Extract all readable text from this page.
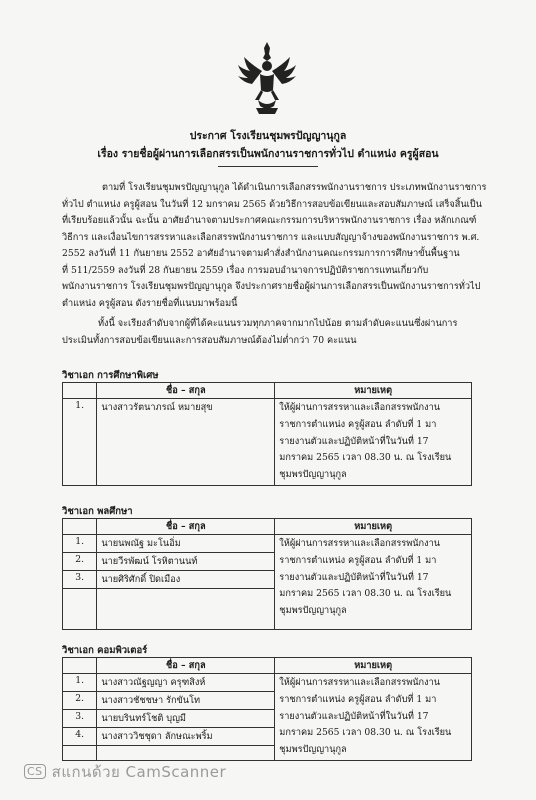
ประกาศ โรงเรียนชุมพรปัญญานุกูล
เรื่อง รายชื่อผู้ผ่านการเลือกสรรเป็นพนักงานราชการทั่วไป ตำแหน่ง ครูผู้สอน
ตามที่ โรงเรียนชุมพรปัญญานุกูล ได้ดำเนินการเลือกสรรพนักงานราชการ ประเภทพนักงานราชการ
ทั่วไป ตำแหน่ง ครูผู้สอน ในวันที่ 12 มกราคม 2565 ด้วยวิธีการสอบข้อเขียนและสอบสัมภาษณ์ เสร็จสิ้นเป็น
ที่เรียบร้อยแล้วนั้น ฉะนั้น อาศัยอำนาจตามประกาศคณะกรรมการบริหารพนักงานราชการ เรื่อง หลักเกณฑ์
วิธีการ และเงื่อนไขการสรรหาและเลือกสรรพนักงานราชการ และแบบสัญญาจ้างของพนักงานราชการ พ.ศ.
2552 ลงวันที่ 11 กันยายน 2552 อาศัยอำนาจตามคำสั่งสำนักงานคณะกรรมการการศึกษาขั้นพื้นฐาน
ที่ 511/2559 ลงวันที่ 28 กันยายน 2559 เรื่อง การมอบอำนาจการปฏิบัติราชการแทนเกี่ยวกับ
พนักงานราชการ โรงเรียนชุมพรปัญญานุกูล จึงประกาศรายชื่อผู้ผ่านการเลือกสรรเป็นพนักงานราชการทั่วไป
ตำแหน่ง ครูผู้สอน ดังรายชื่อที่แนบมาพร้อมนี้
ทั้งนี้ จะเรียงลำดับจากผู้ที่ได้คะแนนรวมทุกภาคจากมากไปน้อย ตามลำดับคะแนนซึ่งผ่านการ
ประเมินทั้งการสอบข้อเขียนและการสอบสัมภาษณ์ต้องไม่ต่ำกว่า 70 คะแนน
วิชาเอก การศึกษาพิเศษ
	ชื่อ – สกุล	หมายเหตุ
1.	นางสาวรัตนาภรณ์ หมายสุข	ให้ผู้ผ่านการสรรหาและเลือกสรรพนักงาน
ราชการตำแหน่ง ครูผู้สอน ลำดับที่ 1 มา
รายงานตัวและปฏิบัติหน้าที่ในวันที่ 17
มกราคม 2565 เวลา 08.30 น. ณ โรงเรียน
ชุมพรปัญญานุกูล
วิชาเอก พลศึกษา
	ชื่อ – สกุล	หมายเหตุ
1.	นายนพณัฐ มะโนอิ่ม	ให้ผู้ผ่านการสรรหาและเลือกสรรพนักงาน
ราชการตำแหน่ง ครูผู้สอน ลำดับที่ 1 มา
รายงานตัวและปฏิบัติหน้าที่ในวันที่ 17
มกราคม 2565 เวลา 08.30 น. ณ โรงเรียน
ชุมพรปัญญานุกูล

2.	นายวีรพัฒน์ โรหิตานนท์	
3.	นายศิริศักดิ์ ปิดเมือง	

วิชาเอก คอมพิวเตอร์
	ชื่อ – สกุล	หมายเหตุ
1.	นางสาวณัฐญญา ครุฑสิงห์	ให้ผู้ผ่านการสรรหาและเลือกสรรพนักงาน
ราชการตำแหน่ง ครูผู้สอน ลำดับที่ 1 มา
รายงานตัวและปฏิบัติหน้าที่ในวันที่ 17
มกราคม 2565 เวลา 08.30 น. ณ โรงเรียน
ชุมพรปัญญานุกูล

2.	นางสาวชัชชษา รักขันโท	
3.	นายบรินทร์โชติ บุญมี	
4.	นางสาววิชชุดา ลักษณะพริ้ม	

CS สแกนด้วย CamScanner
